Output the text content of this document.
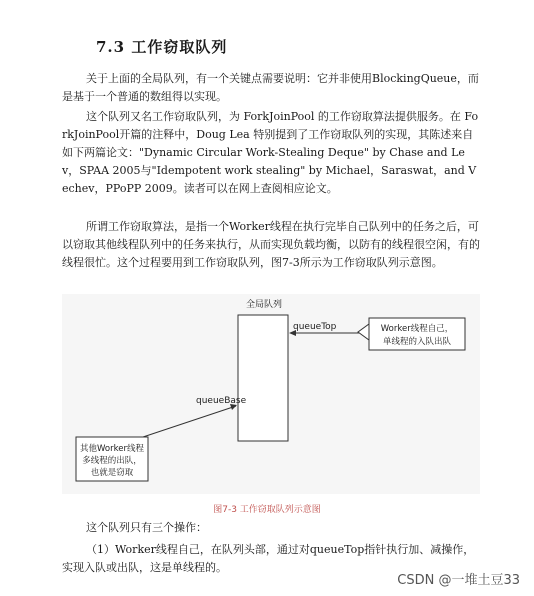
7.3 工作窃取队列

关于上面的全局队列，有一个关键点需要说明：它并非使用BlockingQueue，而是基于一个普通的数组得以实现。

这个队列又名工作窃取队列，为 ForkJoinPool 的工作窃取算法提供服务。在 ForkJoinPool开篇的注释中，Doug Lea 特别提到了工作窃取队列的实现，其陈述来自如下两篇论文："Dynamic Circular Work-Stealing Deque" by Chase and Lev，SPAA 2005与"Idempotent work stealing" by Michael，Saraswat，and Vechev，PPoPP 2009。读者可以在网上查阅相应论文。

所谓工作窃取算法，是指一个Worker线程在执行完毕自己队列中的任务之后，可以窃取其他线程队列中的任务来执行，从而实现负载均衡，以防有的线程很空闲，有的线程很忙。这个过程要用到工作窃取队列，图7-3所示为工作窃取队列示意图。

全局队列
queueTop	Worker线程自己，
单线程的入队出队
queueBase
其他Worker线程
多线程的出队，
也就是窃取
图7-3 工作窃取队列示意图

这个队列只有三个操作：

（1）Worker线程自己，在队列头部，通过对queueTop指针执行加、减操作，实现入队或出队，这是单线程的。

CSDN @一堆土豆33
